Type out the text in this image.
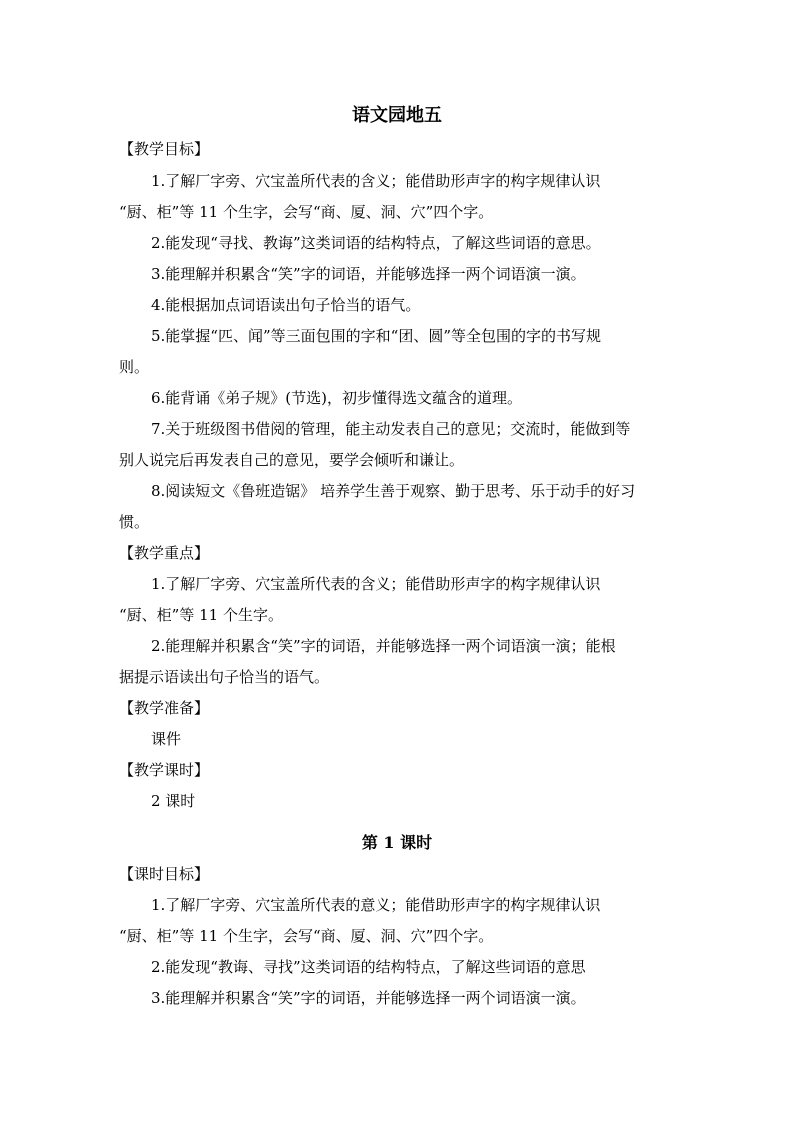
语文园地五
【教学目标】
1.了解厂字旁、穴宝盖所代表的含义；能借助形声字的构字规律认识
“厨、柜”等 11 个生字，会写“商、厦、洞、穴”四个字。
2.能发现“寻找、教诲”这类词语的结构特点，了解这些词语的意思。
3.能理解并积累含“笑”字的词语，并能够选择一两个词语演一演。
4.能根据加点词语读出句子恰当的语气。
5.能掌握“匹、闻”等三面包围的字和“团、圆”等全包围的字的书写规
则。
6.能背诵《弟子规》(节选)，初步懂得选文蕴含的道理。
7.关于班级图书借阅的管理，能主动发表自己的意见；交流时，能做到等
别人说完后再发表自己的意见，要学会倾听和谦让。
8.阅读短文《鲁班造锯》 培养学生善于观察、勤于思考、乐于动手的好习
惯。
【教学重点】
1.了解厂字旁、穴宝盖所代表的含义；能借助形声字的构字规律认识
“厨、柜”等 11 个生字。
2.能理解并积累含“笑”字的词语，并能够选择一两个词语演一演；能根
据提示语读出句子恰当的语气。
【教学准备】
课件
【教学课时】
2 课时
第 1 课时
【课时目标】
1.了解厂字旁、穴宝盖所代表的意义；能借助形声字的构字规律认识
“厨、柜”等 11 个生字，会写“商、厦、洞、穴”四个字。
2.能发现“教诲、寻找”这类词语的结构特点，了解这些词语的意思
3.能理解并积累含“笑”字的词语，并能够选择一两个词语演一演。
